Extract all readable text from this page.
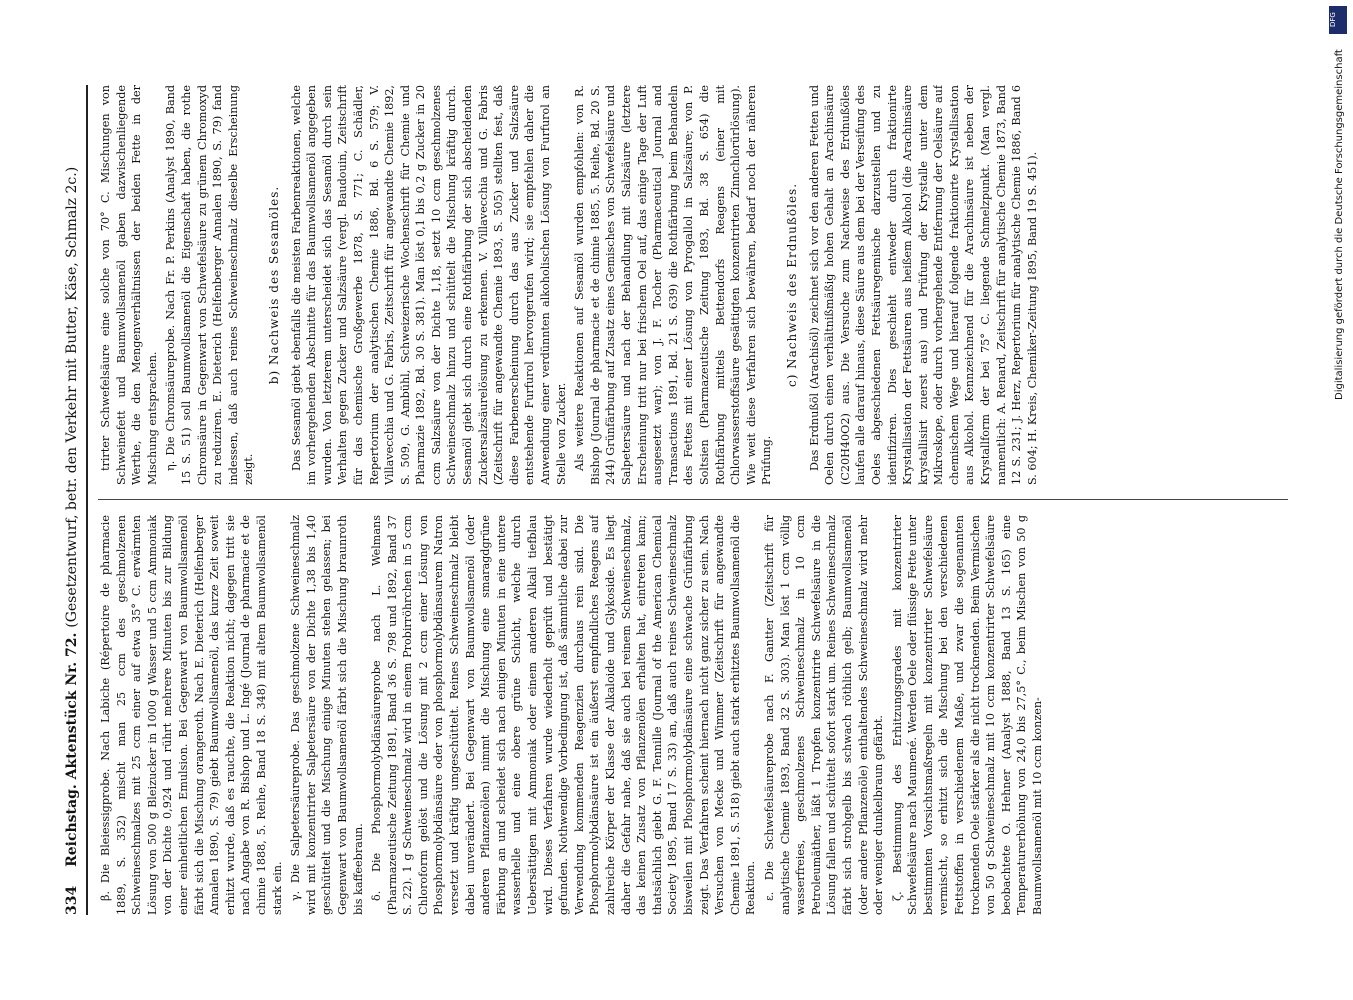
334 Reichstag. Aktenstück Nr. 72. (Gesetzentwurf, betr. den Verkehr mit Butter, Käse, Schmalz 2c.)

β. Die Bleiessigprobe. Nach Labiche (Répertoire de pharmacie 1889, S. 352) mischt man 25 ccm des geschmolzenen Schweineschmalzes mit 25 ccm einer auf etwa 35° C. erwärmten Lösung von 500 g Bleizucker in 1000 g Wasser und 5 ccm Ammoniak von der Dichte 0,924 und rührt mehrere Minuten bis zur Bildung einer einheitlichen Emulsion. Bei Gegenwart von Baumwollsamenöl färbt sich die Mischung orangeroth. Nach E. Dieterich (Helfenberger Annalen 1890, S. 79) giebt Baumwollsamenöl, das kurze Zeit soweit erhitzt wurde, daß es rauchte, die Reaktion nicht; dagegen tritt sie nach Angabe von R. Bishop und L. Ingé (Journal de pharmacie et de chimie 1888, 5. Reihe, Band 18 S. 348) mit altem Baumwollsamenöl stark ein. γ. Die Salpetersäureprobe. Das geschmolzene Schweineschmalz wird mit konzentrirter Salpetersäure von der Dichte 1,38 bis 1,40 geschüttelt und die Mischung einige Minuten stehen gelassen; bei Gegenwart von Baumwollsamenöl färbt sich die Mischung braunroth bis kaffeebraun. δ. Die Phosphormolybdänsäureprobe nach L. Welmans (Pharmazeutische Zeitung 1891, Band 36 S. 798 und 1892, Band 37 S. 22). 1 g Schweineschmalz wird in einem Probirröhrchen in 5 ccm Chloroform gelöst und die Lösung mit 2 ccm einer Lösung von Phosphormolybdänsäure oder von phosphormolybdänsaurem Natron versetzt und kräftig umgeschüttelt. Reines Schweineschmalz bleibt dabei unverändert. Bei Gegenwart von Baumwollsamenöl (oder anderen Pflanzenölen) nimmt die Mischung eine smaragdgrüne Färbung an und scheidet sich nach einigen Minuten in eine untere wasserhelle und eine obere grüne Schicht, welche durch Uebersättigen mit Ammoniak oder einem anderen Alkali tiefblau wird. Dieses Verfahren wurde wiederholt geprüft und bestätigt gefunden. Nothwendige Vorbedingung ist, daß sämmtliche dabei zur Verwendung kommenden Reagenzien durchaus rein sind. Die Phosphormolybdänsäure ist ein äußerst empfindliches Reagens auf zahlreiche Körper der Klasse der Alkaloide und Glykoside. Es liegt daher die Gefahr nahe, daß sie auch bei reinem Schweineschmalz, das keinen Zusatz von Pflanzenölen erhalten hat, eintreten kann; thatsächlich giebt G. F. Tennille (Journal of the American Chemical Society 1895, Band 17 S. 33) an, daß auch reines Schweineschmalz bisweilen mit Phosphormolybdänsäure eine schwache Grünfärbung zeigt. Das Verfahren scheint hiernach nicht ganz sicher zu sein. Nach Versuchen von Mecke und Wimmer (Zeitschrift für angewandte Chemie 1891, S. 518) giebt auch stark erhitztes Baumwollsamenöl die Reaktion. ε. Die Schwefelsäureprobe nach F. Gantter (Zeitschrift für analytische Chemie 1893, Band 32 S. 303). Man löst 1 ccm völlig wasserfreies, geschmolzenes Schweineschmalz in 10 ccm Petroleumäther, läßt 1 Tropfen konzentrirte Schwefelsäure in die Lösung fallen und schüttelt sofort stark um. Reines Schweineschmalz färbt sich strohgelb bis schwach röthlich gelb; Baumwollsamenöl (oder andere Pflanzenöle) enthaltendes Schweineschmalz wird mehr oder weniger dunkelbraun gefärbt. ζ. Bestimmung des Erhitzungsgrades mit konzentrirter Schwefelsäure nach Maumené. Werden Oele oder flüssige Fette unter bestimmten Vorsichtsmaßregeln mit konzentrirter Schwefelsäure vermischt, so erhitzt sich die Mischung bei den verschiedenen Fettstoffen in verschiedenem Maße, und zwar die sogenannten trocknenden Oele stärker als die nicht trocknenden. Beim Vermischen von 50 g Schweineschmalz mit 10 ccm konzentrirter Schwefelsäure beobachtete O. Hehner (Analyst 1888, Band 13 S. 165) eine Temperaturerhöhung von 24,0 bis 27,5° C., beim Mischen von 50 g Baumwollsamenöl mit 10 ccm konzen-

trirter Schwefelsäure eine solche von 70° C. Mischungen von Schweinefett und Baumwollsamenöl gaben dazwischenliegende Werthe, die den Mengenverhältnissen der beiden Fette in der Mischung entsprachen. η. Die Chromsäureprobe. Nach Fr. P. Perkins (Analyst 1890, Band 15 S. 51) soll Baumwollsamenöl die Eigenschaft haben, die rothe Chromsäure in Gegenwart von Schwefelsäure zu grünem Chromoxyd zu reduziren. E. Dieterich (Helfenberger Annalen 1890, S. 79) fand indessen, daß auch reines Schweineschmalz dieselbe Erscheinung zeigt.

b) Nachweis des Sesamöles. Das Sesamöl giebt ebenfalls die meisten Farbenreaktionen, welche im vorhergehenden Abschnitte für das Baumwollsamenöl angegeben wurden. Von letzterem unterscheidet sich das Sesamöl durch sein Verhalten gegen Zucker und Salzsäure (vergl. Baudouin, Zeitschrift für das chemische Großgewerbe 1878, S. 771; C. Schädler, Repertorium der analytischen Chemie 1886, Bd. 6 S. 579; V. Villavecchia und G. Fabris, Zeitschrift für angewandte Chemie 1892, S. 509, G. Ambühl, Schweizerische Wochenschrift für Chemie und Pharmazie 1892, Bd. 30 S. 381). Man löst 0,1 bis 0,2 g Zucker in 20 ccm Salzsäure von der Dichte 1,18, setzt 10 ccm geschmolzenes Schweineschmalz hinzu und schüttelt die Mischung kräftig durch. Sesamöl giebt sich durch eine Rothfärbung der sich abscheidenden Zuckersalzsäurelösung zu erkennen. V. Villavecchia und G. Fabris (Zeitschrift für angewandte Chemie 1893, S. 505) stellten fest, daß diese Farbenerscheinung durch das aus Zucker und Salzsäure entstehende Furfurol hervorgerufen wird; sie empfehlen daher die Anwendung einer verdünnten alkoholischen Lösung von Furfurol an Stelle von Zucker. Als weitere Reaktionen auf Sesamöl wurden empfohlen: von R. Bishop (Journal de pharmacie et de chimie 1885, 5. Reihe, Bd. 20 S. 244) Grünfärbung auf Zusatz eines Gemisches von Schwefelsäure und Salpetersäure und nach der Behandlung mit Salzsäure (letztere Erscheinung tritt nur bei frischem Oel auf, das einige Tage der Luft ausgesetzt war); von J. F. Tocher (Pharmaceutical Journal and Transactions 1891, Bd. 21 S. 639) die Rothfärbung beim Behandeln des Fettes mit einer Lösung von Pyrogallol in Salzsäure; von P. Soltsien (Pharmazeutische Zeitung 1893, Bd. 38 S. 654) die Rothfärbung mittels Bettendorfs Reagens (einer mit Chlorwasserstoffsäure gesättigten konzentrirten Zinnchlorürlösung). Wie weit diese Verfahren sich bewähren, bedarf noch der näheren Prüfung.

c) Nachweis des Erdnußöles. Das Erdnußöl (Arachisöl) zeichnet sich vor den anderen Fetten und Oelen durch einen verhältnißmäßig hohen Gehalt an Arachinsäure (C20H40O2) aus. Die Versuche zum Nachweise des Erdnußöles laufen alle darauf hinaus, diese Säure aus dem bei der Verseifung des Oeles abgeschiedenen Fettsäuregemische darzustellen und zu identifiziren. Dies geschieht entweder durch fraktionirte Krystallisation der Fettsäuren aus heißem Alkohol (die Arachinsäure krystallisirt zuerst aus) und Prüfung der Krystalle unter dem Mikroskope, oder durch vorhergehende Entfernung der Oelsäure auf chemischem Wege und hierauf folgende fraktionirte Krystallisation aus Alkohol. Kennzeichnend für die Arachinsäure ist neben der Krystallform der bei 75° C. liegende Schmelzpunkt. (Man vergl. namentlich: A. Renard, Zeitschrift für analytische Chemie 1873, Band 12 S. 231; J. Herz, Repertorium für analytische Chemie 1886, Band 6 S. 604; H. Kreis, Chemiker-Zeitung 1895, Band 19 S. 451).

DFG
Digitalisierung gefördert durch die Deutsche Forschungsgemeinschaft
